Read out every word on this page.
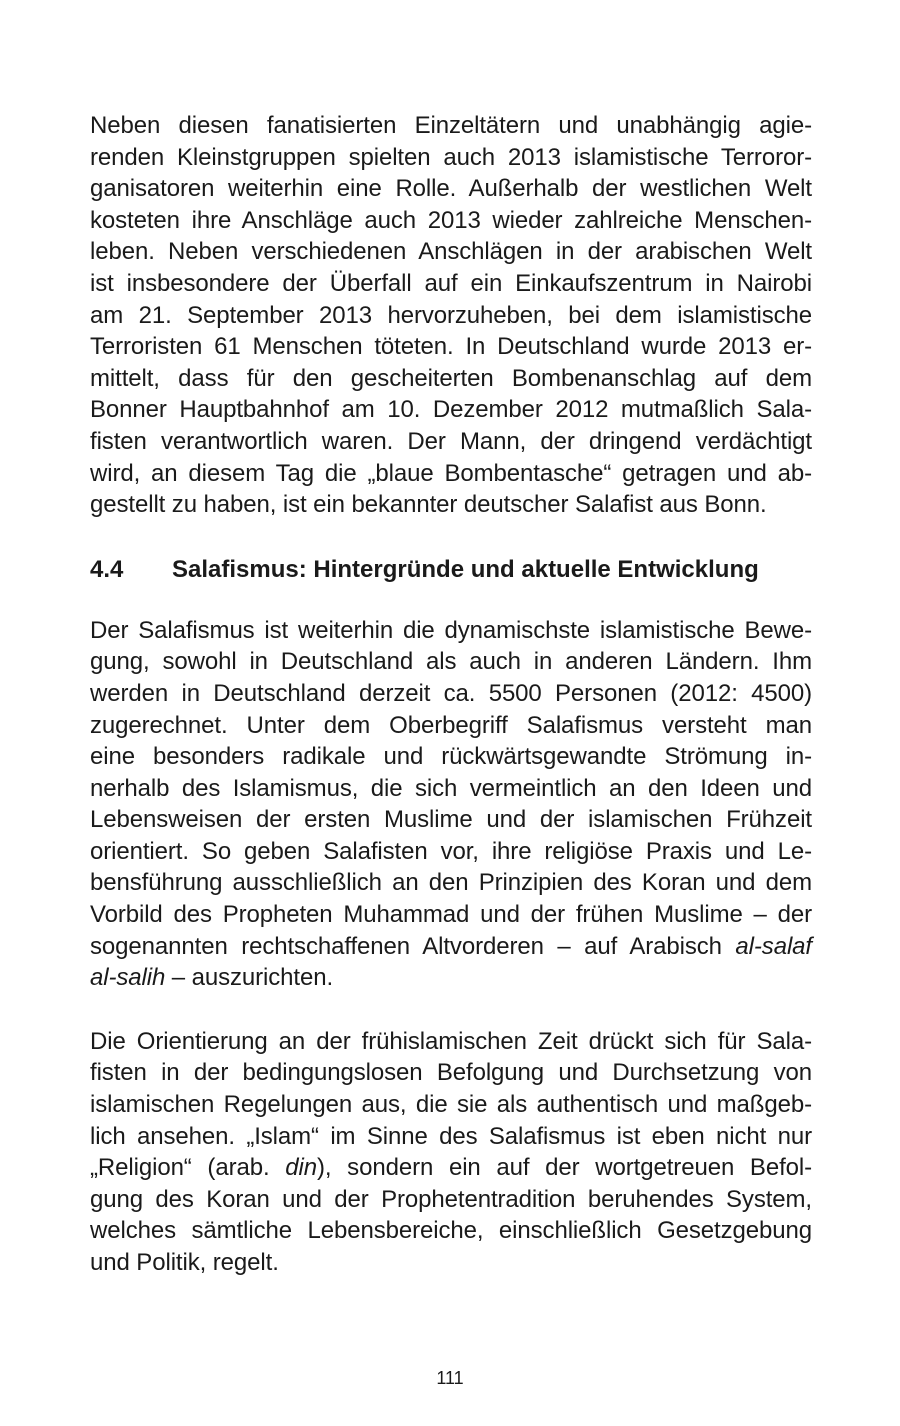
Neben diesen fanatisierten Einzeltätern und unabhängig agie-
renden Kleinstgruppen spielten auch 2013 islamistische Terroror-
ganisatoren weiterhin eine Rolle. Außerhalb der westlichen Welt
kosteten ihre Anschläge auch 2013 wieder zahlreiche Menschen-
leben. Neben verschiedenen Anschlägen in der arabischen Welt
ist insbesondere der Überfall auf ein Einkaufszentrum in Nairobi
am 21. September 2013 hervorzuheben, bei dem islamistische
Terroristen 61 Menschen töteten. In Deutschland wurde 2013 er-
mittelt, dass für den gescheiterten Bombenanschlag auf dem
Bonner Hauptbahnhof am 10. Dezember 2012 mutmaßlich Sala-
fisten verantwortlich waren. Der Mann, der dringend verdächtigt
wird, an diesem Tag die „blaue Bombentasche“ getragen und ab-
gestellt zu haben, ist ein bekannter deutscher Salafist aus Bonn.
4.4	Salafismus: Hintergründe und aktuelle Entwicklung
Der Salafismus ist weiterhin die dynamischste islamistische Bewe-
gung, sowohl in Deutschland als auch in anderen Ländern. Ihm
werden in Deutschland derzeit ca. 5500 Personen (2012: 4500)
zugerechnet. Unter dem Oberbegriff Salafismus versteht man
eine besonders radikale und rückwärtsgewandte Strömung in-
nerhalb des Islamismus, die sich vermeintlich an den Ideen und
Lebensweisen der ersten Muslime und der islamischen Frühzeit
orientiert. So geben Salafisten vor, ihre religiöse Praxis und Le-
bensführung ausschließlich an den Prinzipien des Koran und dem
Vorbild des Propheten Muhammad und der frühen Muslime – der
sogenannten rechtschaffenen Altvorderen – auf Arabisch al-salaf
al-salih – auszurichten.
Die Orientierung an der frühislamischen Zeit drückt sich für Sala-
fisten in der bedingungslosen Befolgung und Durchsetzung von
islamischen Regelungen aus, die sie als authentisch und maßgeb-
lich ansehen. „Islam“ im Sinne des Salafismus ist eben nicht nur
„Religion“ (arab. din), sondern ein auf der wortgetreuen Befol-
gung des Koran und der Prophetentradition beruhendes System,
welches sämtliche Lebensbereiche, einschließlich Gesetzgebung
und Politik, regelt.
111
